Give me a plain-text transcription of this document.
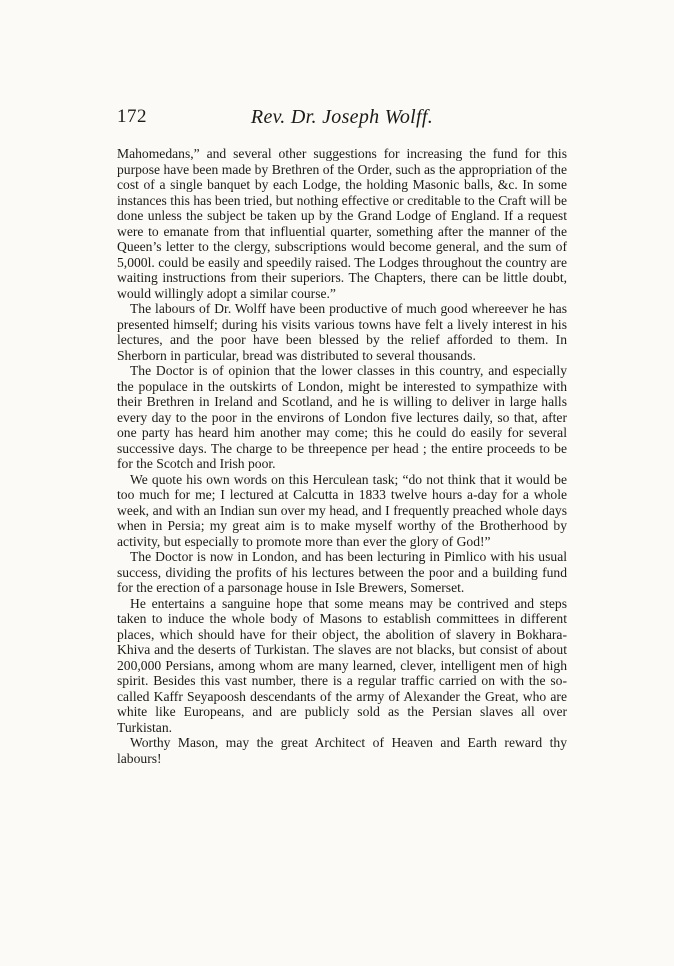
172	Rev. Dr. Joseph Wolff.

Mahomedans,” and several other suggestions for increasing the fund for this purpose have been made by Brethren of the Order, such as the appropriation of the cost of a single banquet by each Lodge, the holding Masonic balls, &c. In some instances this has been tried, but nothing effective or creditable to the Craft will be done unless the subject be taken up by the Grand Lodge of England. If a request were to emanate from that influential quarter, something after the manner of the Queen’s letter to the clergy, subscriptions would become general, and the sum of 5,000l. could be easily and speedily raised. The Lodges throughout the country are waiting instructions from their superiors. The Chapters, there can be little doubt, would willingly adopt a similar course.”

The labours of Dr. Wolff have been productive of much good whereever he has presented himself; during his visits various towns have felt a lively interest in his lectures, and the poor have been blessed by the relief afforded to them. In Sherborn in particular, bread was distributed to several thousands.

The Doctor is of opinion that the lower classes in this country, and especially the populace in the outskirts of London, might be interested to sympathize with their Brethren in Ireland and Scotland, and he is willing to deliver in large halls every day to the poor in the environs of London five lectures daily, so that, after one party has heard him another may come; this he could do easily for several successive days. The charge to be threepence per head ; the entire proceeds to be for the Scotch and Irish poor.

We quote his own words on this Herculean task; “do not think that it would be too much for me; I lectured at Calcutta in 1833 twelve hours a-day for a whole week, and with an Indian sun over my head, and I frequently preached whole days when in Persia; my great aim is to make myself worthy of the Brotherhood by activity, but especially to promote more than ever the glory of God!”

The Doctor is now in London, and has been lecturing in Pimlico with his usual success, dividing the profits of his lectures between the poor and a building fund for the erection of a parsonage house in Isle Brewers, Somerset.

He entertains a sanguine hope that some means may be contrived and steps taken to induce the whole body of Masons to establish committees in different places, which should have for their object, the abolition of slavery in Bokhara-Khiva and the deserts of Turkistan. The slaves are not blacks, but consist of about 200,000 Persians, among whom are many learned, clever, intelligent men of high spirit. Besides this vast number, there is a regular traffic carried on with the so-called Kaffr Seyapoosh descendants of the army of Alexander the Great, who are white like Europeans, and are publicly sold as the Persian slaves all over Turkistan.

Worthy Mason, may the great Architect of Heaven and Earth reward thy labours!
